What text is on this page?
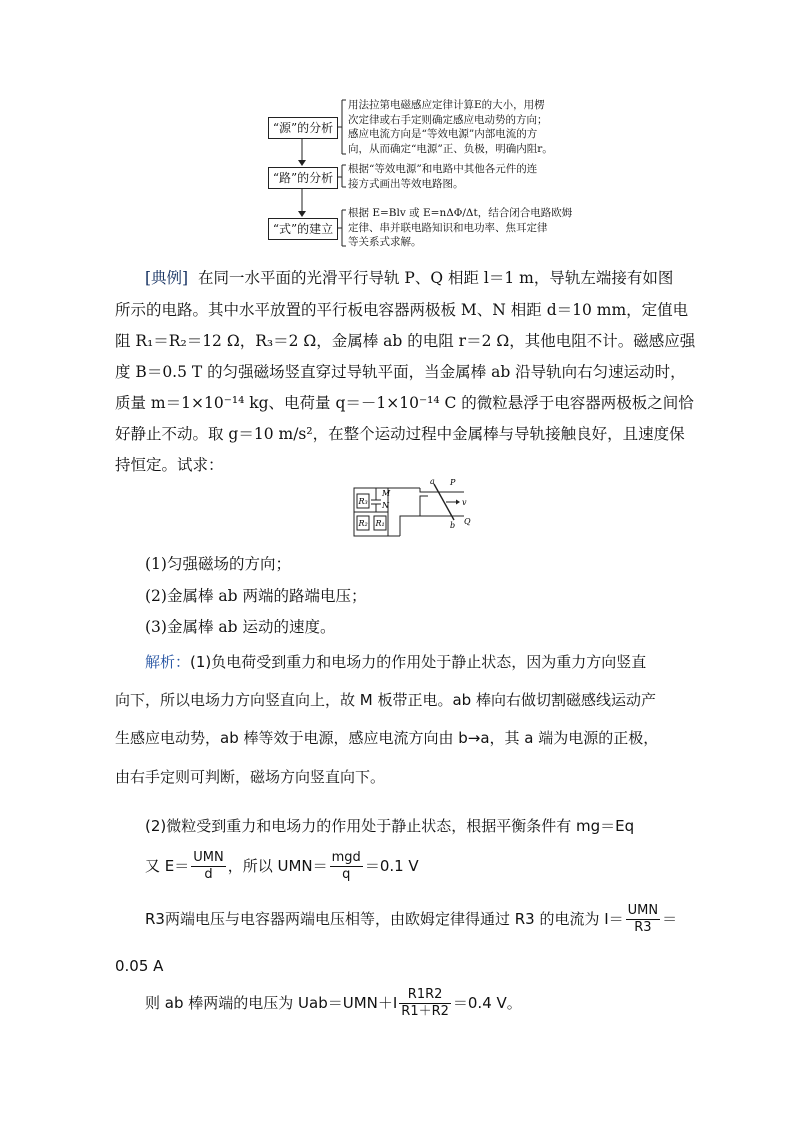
“源”的分析
“路”的分析
“式”的建立
用法拉第电磁感应定律计算E的大小，用楞
次定律或右手定则确定感应电动势的方向；
感应电流方向是“等效电源”内部电流的方
向，从而确定“电源”正、负极，明确内阻r。
根据“等效电源”和电路中其他各元件的连
接方式画出等效电路图。
根据 E=Blv 或 E=nΔΦ/Δt，结合闭合电路欧姆
定律、串并联电路知识和电功率、焦耳定律
等关系式求解。
[典例] 在同一水平面的光滑平行导轨 P、Q 相距 l＝1 m，导轨左端接有如图
所示的电路。其中水平放置的平行板电容器两极板 M、N 相距 d＝10 mm，定值电
阻 R₁＝R₂＝12 Ω，R₃＝2 Ω，金属棒 ab 的电阻 r＝2 Ω，其他电阻不计。磁感应强
度 B＝0.5 T 的匀强磁场竖直穿过导轨平面，当金属棒 ab 沿导轨向右匀速运动时，
质量 m＝1×10⁻¹⁴ kg、电荷量 q＝－1×10⁻¹⁴ C 的微粒悬浮于电容器两极板之间恰
好静止不动。取 g＝10 m/s²，在整个运动过程中金属棒与导轨接触良好，且速度保
持恒定。试求：
R₃
R₂
M
N
R₁
a
b
P
Q
v
(1)匀强磁场的方向；
(2)金属棒 ab 两端的路端电压；
(3)金属棒 ab 运动的速度。
解析：(1)负电荷受到重力和电场力的作用处于静止状态，因为重力方向竖直
向下，所以电场力方向竖直向上，故 M 板带正电。ab 棒向右做切割磁感线运动产
生感应电动势，ab 棒等效于电源，感应电流方向由 b→a，其 a 端为电源的正极，
由右手定则可判断，磁场方向竖直向下。
(2)微粒受到重力和电场力的作用处于静止状态，根据平衡条件有 mg＝Eq
又 $E= \frac{\text{UMN}}{d}$ ，所以 $UMN= \frac{\text{mgd}}{q} =0.1$ V
R3两端电压与电容器两端电压相等，由欧姆定律得通过 R3 的电流为 $I= \frac{\text{UMN}}{R3}$ ＝
0.05 A
则 ab 棒两端的电压为 $Uab=UMN+I \frac{R1R2}{R1+R2} =0.4$ V。
